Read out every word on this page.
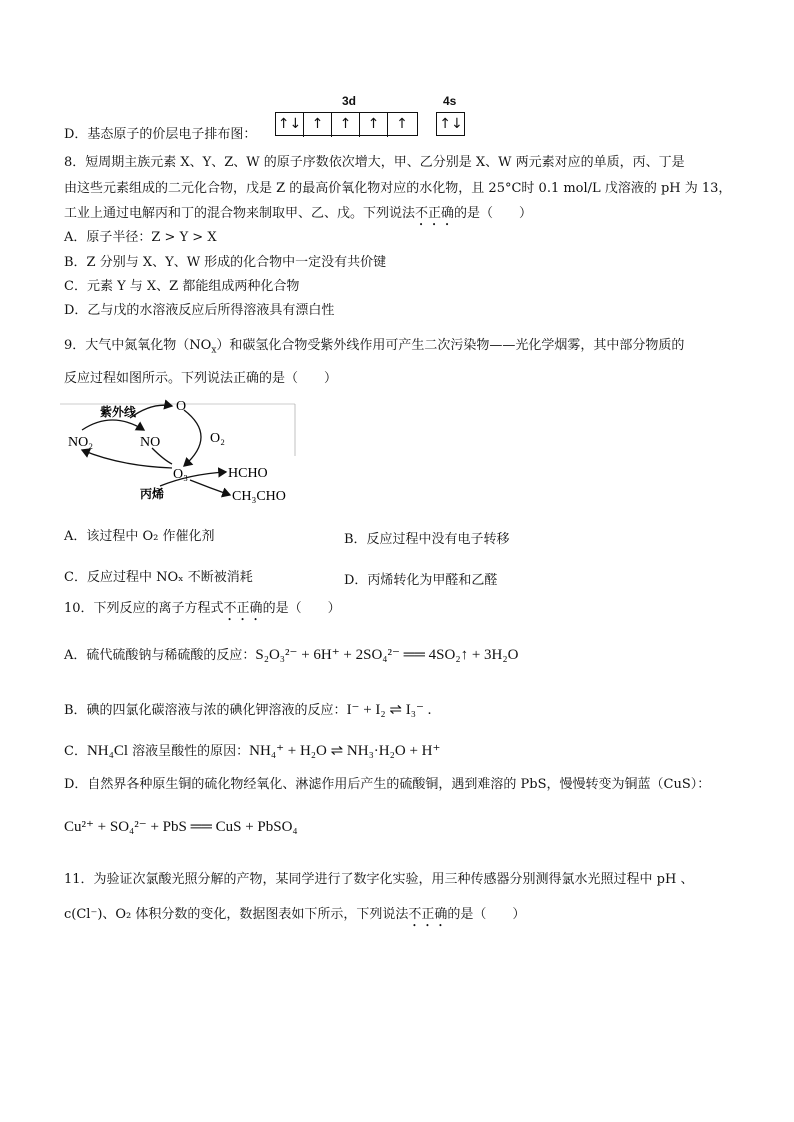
D．基态原子的价层电子排布图：
3d	4s
↑↓ ↑	↑	↑	↑	↑↓
8．短周期主族元素 X、Y、Z、W 的原子序数依次增大，甲、乙分别是 X、W 两元素对应的单质，丙、丁是
由这些元素组成的二元化合物，戊是 Z 的最高价氧化物对应的水化物，且 25°C时 0.1 mol/L 戊溶液的 pH 为 13，
工业上通过电解丙和丁的混合物来制取甲、乙、戊。下列说法不正确的是（　　）
A．原子半径：Z > Y > X
B．Z 分别与 X、Y、W 形成的化合物中一定没有共价键
C．元素 Y 与 X、Z 都能组成两种化合物
D．乙与戊的水溶液反应后所得溶液具有漂白性
9．大气中氮氧化物$(NO_x)$和碳氢化合物受紫外线作用可产生二次污染物——光化学烟雾，其中部分物质的
反应过程如图所示。下列说法正确的是（　　）
紫外线
NO₂	NO
O
O₂
O₃
丙烯
HCHO
CH₃CHO
A．该过程中 O₂ 作催化剂	B．反应过程中没有电子转移
C．反应过程中 NOₓ 不断被消耗	D．丙烯转化为甲醛和乙醛
10．下列反应的离子方程式不正确的是（　　）
A．硫代硫酸钠与稀硫酸的反应：S₂O₃²⁻ + 6H⁺ + 2SO₄²⁻ ══ 4SO₂↑ + 3H₂O
B．碘的四氯化碳溶液与浓的碘化钾溶液的反应：I⁻ + I₂ ⇌ I₃⁻ .
C．NH₄Cl 溶液呈酸性的原因：NH₄⁺ + H₂O ⇌ NH₃·H₂O + H⁺
D．自然界各种原生铜的硫化物经氧化、淋滤作用后产生的硫酸铜，遇到难溶的 PbS，慢慢转变为铜蓝（CuS）：
Cu²⁺ + SO₄²⁻ + PbS ══ CuS + PbSO₄
11．为验证次氯酸光照分解的产物，某同学进行了数字化实验，用三种传感器分别测得氯水光照过程中 pH 、
c(Cl⁻)、O₂ 体积分数的变化，数据图表如下所示，下列说法不正确的是（　　）
